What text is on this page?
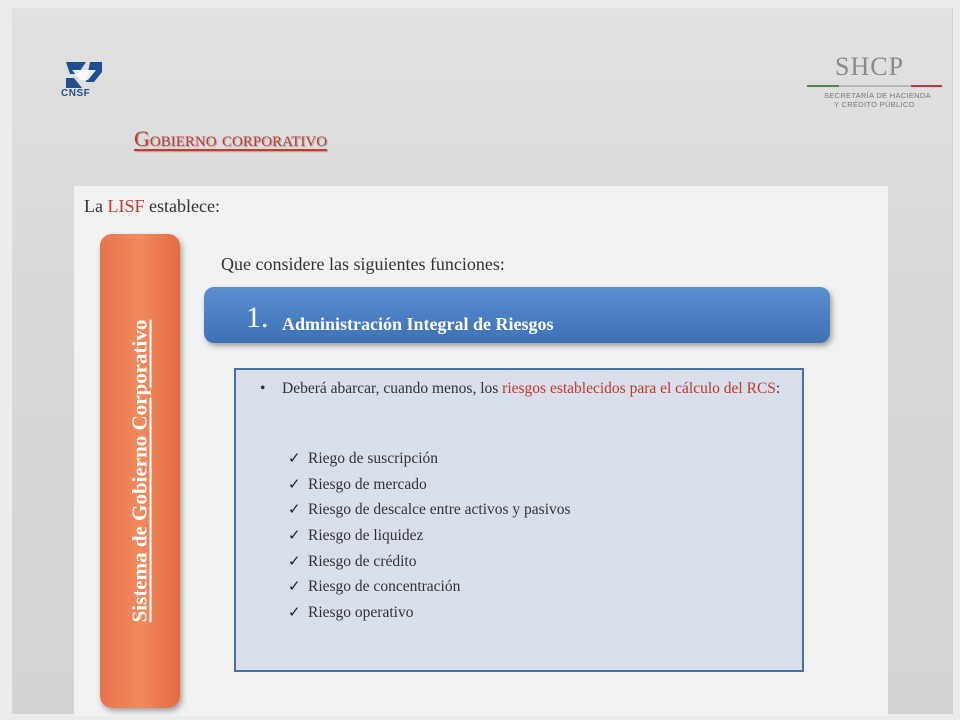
CNSF
SHCP
SECRETARÍA DE HACIENDA
Y CRÉDITO PÚBLICO
Gobierno corporativo
La LISF establece:
Sistema de Gobierno Corporativo
Que considere las siguientes funciones:
1. Administración Integral de Riesgos
• Deberá abarcar, cuando menos, los riesgos establecidos para el cálculo del RCS:
✓ Riego de suscripción
✓ Riesgo de mercado
✓ Riesgo de descalce entre activos y pasivos
✓ Riesgo de liquidez
✓ Riesgo de crédito
✓ Riesgo de concentración
✓ Riesgo operativo
